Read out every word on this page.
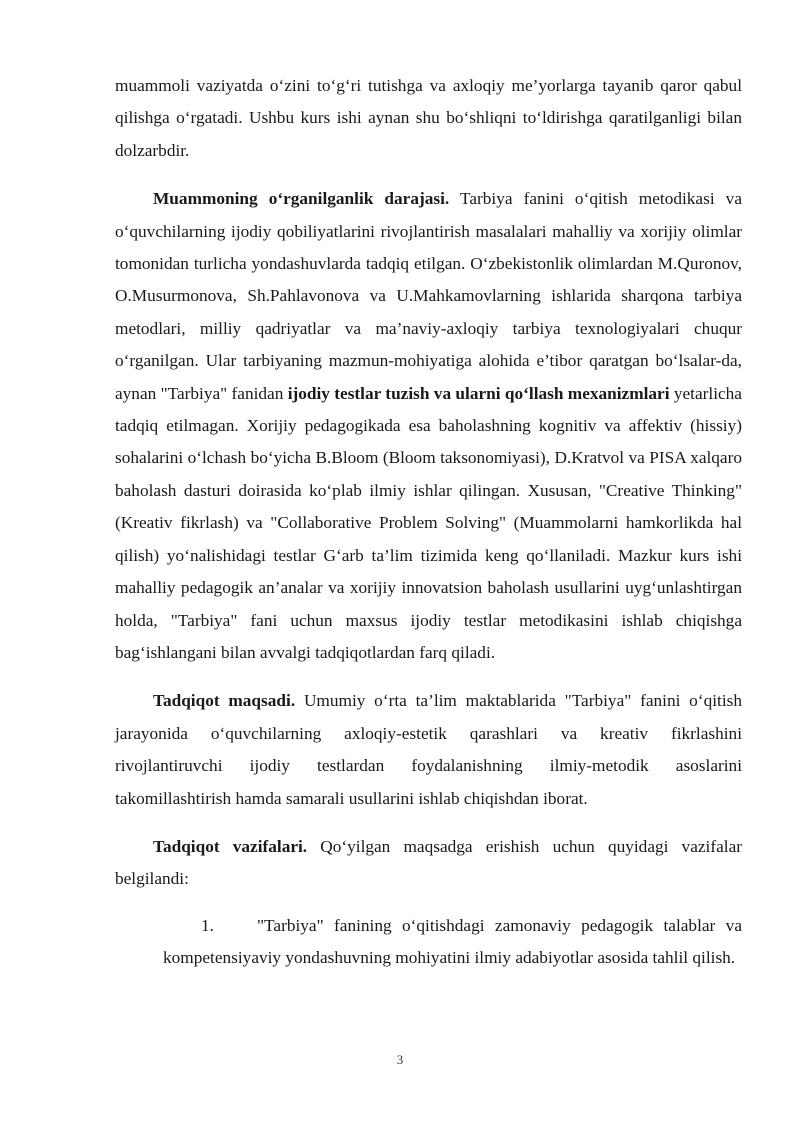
muammoli vaziyatda o‘zini to‘g‘ri tutishga va axloqiy me’yorlarga tayanib qaror qabul qilishga o‘rgatadi. Ushbu kurs ishi aynan shu bo‘shliqni to‘ldirishga qaratilganligi bilan dolzarbdir.

Muammoning o‘rganilganlik darajasi. Tarbiya fanini o‘qitish metodikasi va o‘quvchilarning ijodiy qobiliyatlarini rivojlantirish masalalari mahalliy va xorijiy olimlar tomonidan turlicha yondashuvlarda tadqiq etilgan. O‘zbekistonlik olimlardan M.Quronov, O.Musurmonova, Sh.Pahlavonova va U.Mahkamovlarning ishlarida sharqona tarbiya metodlari, milliy qadriyatlar va ma’naviy-axloqiy tarbiya texnologiyalari chuqur o‘rganilgan. Ular tarbiyaning mazmun-mohiyatiga alohida e’tibor qaratgan bo‘lsalar-da, aynan "Tarbiya" fanidan ijodiy testlar tuzish va ularni qo‘llash mexanizmlari yetarlicha tadqiq etilmagan. Xorijiy pedagogikada esa baholashning kognitiv va affektiv (hissiy) sohalarini o‘lchash bo‘yicha B.Bloom (Bloom taksonomiyasi), D.Kratvol va PISA xalqaro baholash dasturi doirasida ko‘plab ilmiy ishlar qilingan. Xususan, "Creative Thinking" (Kreativ fikrlash) va "Collaborative Problem Solving" (Muammolarni hamkorlikda hal qilish) yo‘nalishidagi testlar G‘arb ta’lim tizimida keng qo‘llaniladi. Mazkur kurs ishi mahalliy pedagogik an’analar va xorijiy innovatsion baholash usullarini uyg‘unlashtirgan holda, "Tarbiya" fani uchun maxsus ijodiy testlar metodikasini ishlab chiqishga bag‘ishlangani bilan avvalgi tadqiqotlardan farq qiladi.

Tadqiqot maqsadi. Umumiy o‘rta ta’lim maktablarida "Tarbiya" fanini o‘qitish jarayonida o‘quvchilarning axloqiy-estetik qarashlari va kreativ fikrlashini rivojlantiruvchi ijodiy testlardan foydalanishning ilmiy-metodik asoslarini takomillashtirish hamda samarali usullarini ishlab chiqishdan iborat.

Tadqiqot vazifalari. Qo‘yilgan maqsadga erishish uchun quyidagi vazifalar belgilandi:

1.	"Tarbiya" fanining o‘qitishdagi zamonaviy pedagogik talablar va kompetensiyaviy yondashuvning mohiyatini ilmiy adabiyotlar asosida tahlil qilish.
3
